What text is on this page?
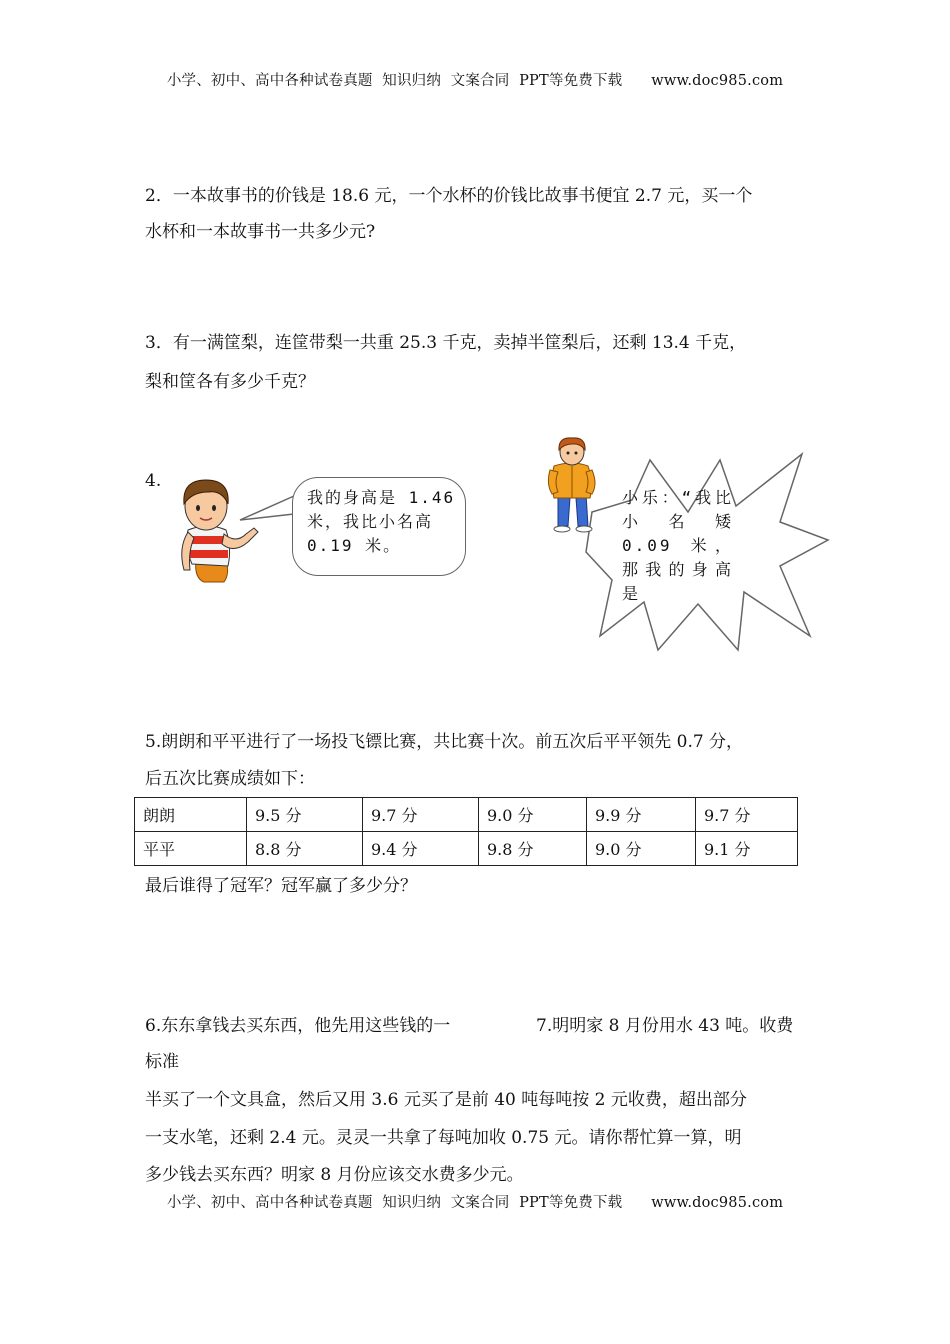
小学、初中、高中各种试卷真题  知识归纳  文案合同  PPT等免费下载      www.doc985.com
2．一本故事书的价钱是 18.6 元，一个水杯的价钱比故事书便宜 2.7 元，买一个
水杯和一本故事书一共多少元?
3．有一满筐梨，连筐带梨一共重 25.3 千克，卖掉半筐梨后，还剩 13.4 千克，
梨和筐各有多少千克？
4.
我的身高是 1.46 米，我比小名高 0.19 米。
小乐：“我比 小 名 矮 0.09 米，那我的身高是
5.朗朗和平平进行了一场投飞镖比赛，共比赛十次。前五次后平平领先 0.7 分，
后五次比赛成绩如下：
朗朗	9.5 分	9.7 分	9.0 分	9.9 分	9.7 分
平平	8.8 分	9.4 分	9.8 分	9.0 分	9.1 分
最后谁得了冠军？冠军赢了多少分？
6.东东拿钱去买东西，他先用这些钱的一	7.明明家 8 月份用水 43 吨。收费
标准
半买了一个文具盒，然后又用 3.6 元买了是前 40 吨每吨按 2 元收费，超出部分
一支水笔，还剩 2.4 元。灵灵一共拿了每吨加收 0.75 元。请你帮忙算一算，明
多少钱去买东西？明家 8 月份应该交水费多少元。
小学、初中、高中各种试卷真题  知识归纳  文案合同  PPT等免费下载      www.doc985.com
